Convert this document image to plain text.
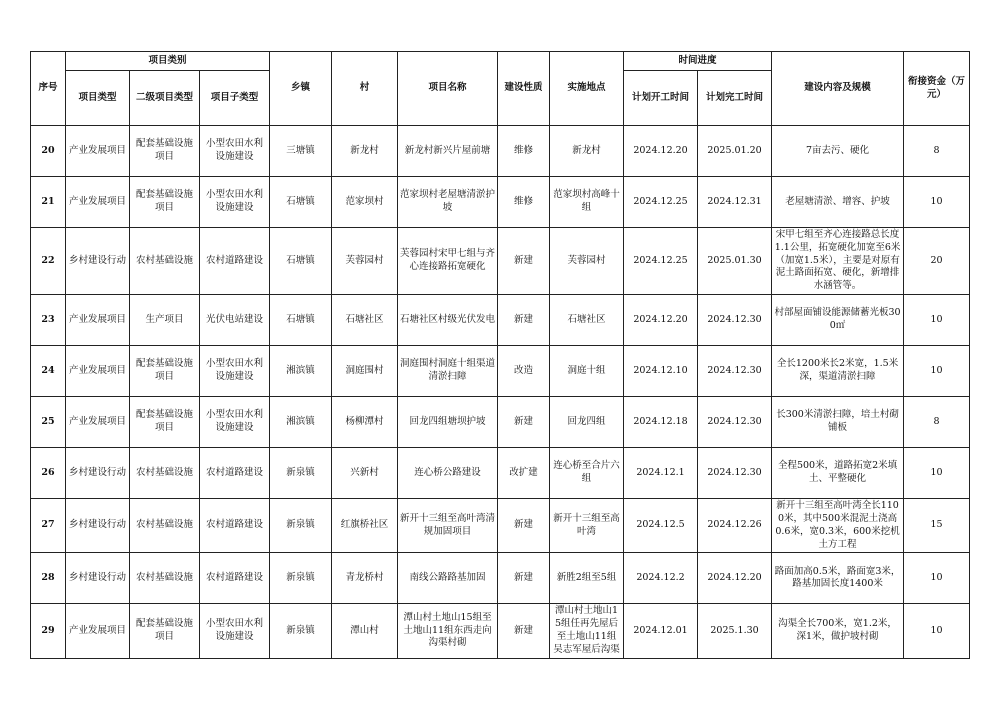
序号	项目类别			乡镇	村	项目名称	建设性质	实施地点	时间进度		建设内容及规模	衔接资金（万元）
	项目类型	二级项目类型	项目子类型						计划开工时间	计划完工时间		
20	产业发展项目	配套基础设施项目	小型农田水利设施建设	三塘镇	新龙村	新龙村新兴片屋前塘	维修	新龙村	2024.12.20	2025.01.20	7亩去污、硬化	8
21	产业发展项目	配套基础设施项目	小型农田水利设施建设	石塘镇	范家坝村	范家坝村老屋塘清淤护坡	维修	范家坝村高峰十组	2024.12.25	2024.12.31	老屋塘清淤、增容、护坡	10
22	乡村建设行动	农村基础设施	农村道路建设	石塘镇	芙蓉园村	芙蓉园村宋甲七组与齐心连接路拓宽硬化	新建	芙蓉园村	2024.12.25	2025.01.30	宋甲七组至齐心连接路总长度1.1公里，拓宽硬化加宽至6米（加宽1.5米），主要是对原有泥土路面拓宽、硬化，新增排水涵管等。	20
23	产业发展项目	生产项目	光伏电站建设	石塘镇	石塘社区	石塘社区村级光伏发电	新建	石塘社区	2024.12.20	2024.12.30	村部屋面铺设能源储蓄光板300㎡	10
24	产业发展项目	配套基础设施项目	小型农田水利设施建设	湘滨镇	洞庭围村	洞庭围村洞庭十组渠道清淤扫障	改造	洞庭十组	2024.12.10	2024.12.30	全长1200米长2米宽，1.5米深，渠道清淤扫障	10
25	产业发展项目	配套基础设施项目	小型农田水利设施建设	湘滨镇	杨柳潭村	回龙四组塘坝护坡	新建	回龙四组	2024.12.18	2024.12.30	长300米清淤扫障，培土村砌铺板	8
26	乡村建设行动	农村基础设施	农村道路建设	新泉镇	兴新村	连心桥公路建设	改扩建	连心桥至合片六组	2024.12.1	2024.12.30	全程500米，道路拓宽2米填土、平整硬化	10
27	乡村建设行动	农村基础设施	农村道路建设	新泉镇	红旗桥社区	新开十三组至高叶湾清规加固项目	新建	新开十三组至高叶湾	2024.12.5	2024.12.26	新开十三组至高叶湾全长1100米，其中500米混泥土浇高0.6米，宽0.3米，600米挖机土方工程	15
28	乡村建设行动	农村基础设施	农村道路建设	新泉镇	青龙桥村	南线公路路基加固	新建	新胜2组至5组	2024.12.2	2024.12.20	路面加高0.5米，路面宽3米，路基加固长度1400米	10
29	产业发展项目	配套基础设施项目	小型农田水利设施建设	新泉镇	潭山村	潭山村土地山15组至土地山11组东西走向沟渠村砌	新建	潭山村土地山15组任再先屋后至土地山11组吴志军屋后沟渠	2024.12.01	2025.1.30	沟渠全长700米，宽1.2米，深1米，做护坡村砌	10
